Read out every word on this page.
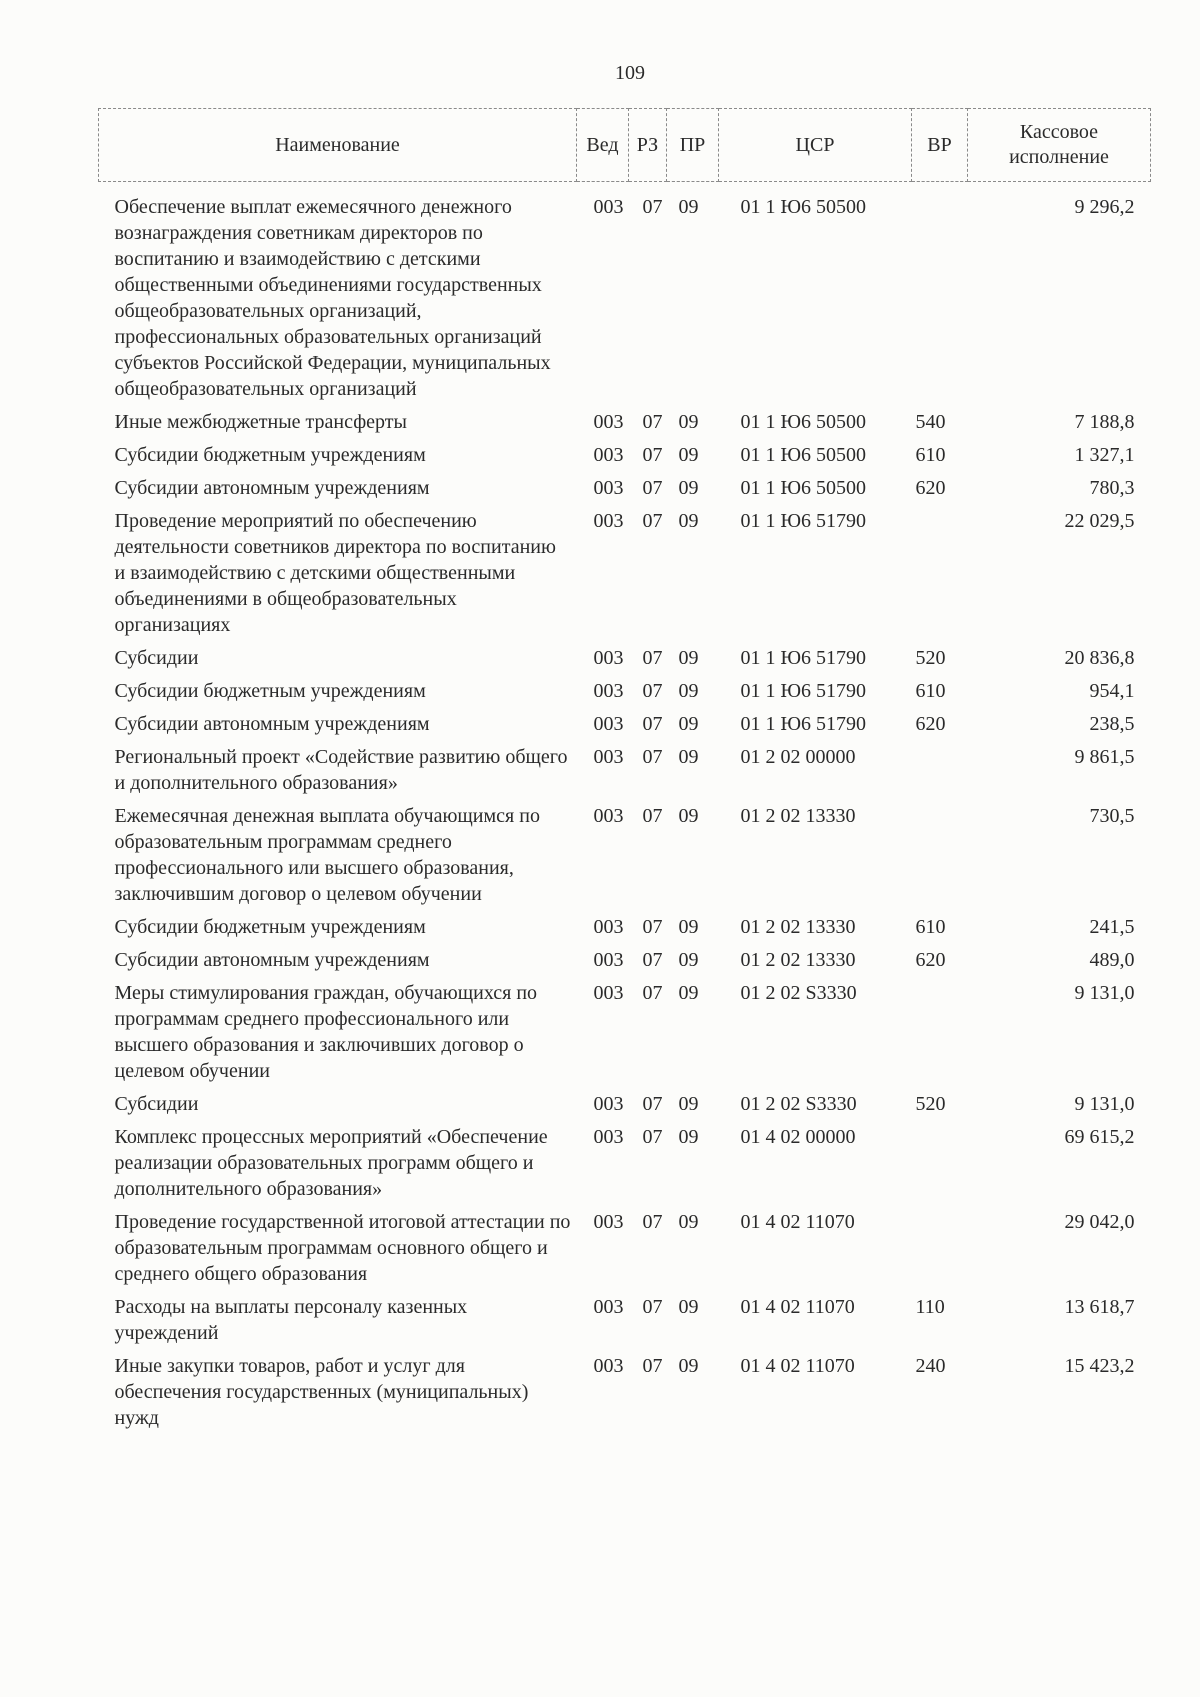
109
Наименование	Вед	РЗ	ПР	ЦСР	ВР	Кассовое исполнение
Обеспечение выплат ежемесячного денежного вознаграждения советникам директоров по воспитанию и взаимодействию с детскими общественными объединениями государственных общеобразовательных организаций, профессиональных образовательных организаций субъектов Российской Федерации, муниципальных общеобразовательных организаций	003	07	09	01 1 Ю6 50500		9 296,2
Иные межбюджетные трансферты	003	07	09	01 1 Ю6 50500	540	7 188,8
Субсидии бюджетным учреждениям	003	07	09	01 1 Ю6 50500	610	1 327,1
Субсидии автономным учреждениям	003	07	09	01 1 Ю6 50500	620	780,3
Проведение мероприятий по обеспечению деятельности советников директора по воспитанию и взаимодействию с детскими общественными объединениями в общеобразовательных организациях	003	07	09	01 1 Ю6 51790		22 029,5
Субсидии	003	07	09	01 1 Ю6 51790	520	20 836,8
Субсидии бюджетным учреждениям	003	07	09	01 1 Ю6 51790	610	954,1
Субсидии автономным учреждениям	003	07	09	01 1 Ю6 51790	620	238,5
Региональный проект «Содействие развитию общего и дополнительного образования»	003	07	09	01 2 02 00000		9 861,5
Ежемесячная денежная выплата обучающимся по образовательным программам среднего профессионального или высшего образования, заключившим договор о целевом обучении	003	07	09	01 2 02 13330		730,5
Субсидии бюджетным учреждениям	003	07	09	01 2 02 13330	610	241,5
Субсидии автономным учреждениям	003	07	09	01 2 02 13330	620	489,0
Меры стимулирования граждан, обучающихся по программам среднего профессионального или высшего образования и заключивших договор о целевом обучении	003	07	09	01 2 02 S3330		9 131,0
Субсидии	003	07	09	01 2 02 S3330	520	9 131,0
Комплекс процессных мероприятий «Обеспечение реализации образовательных программ общего и дополнительного образования»	003	07	09	01 4 02 00000		69 615,2
Проведение государственной итоговой аттестации по образовательным программам основного общего и среднего общего образования	003	07	09	01 4 02 11070		29 042,0
Расходы на выплаты персоналу казенных учреждений	003	07	09	01 4 02 11070	110	13 618,7
Иные закупки товаров, работ и услуг для обеспечения государственных (муниципальных) нужд	003	07	09	01 4 02 11070	240	15 423,2
